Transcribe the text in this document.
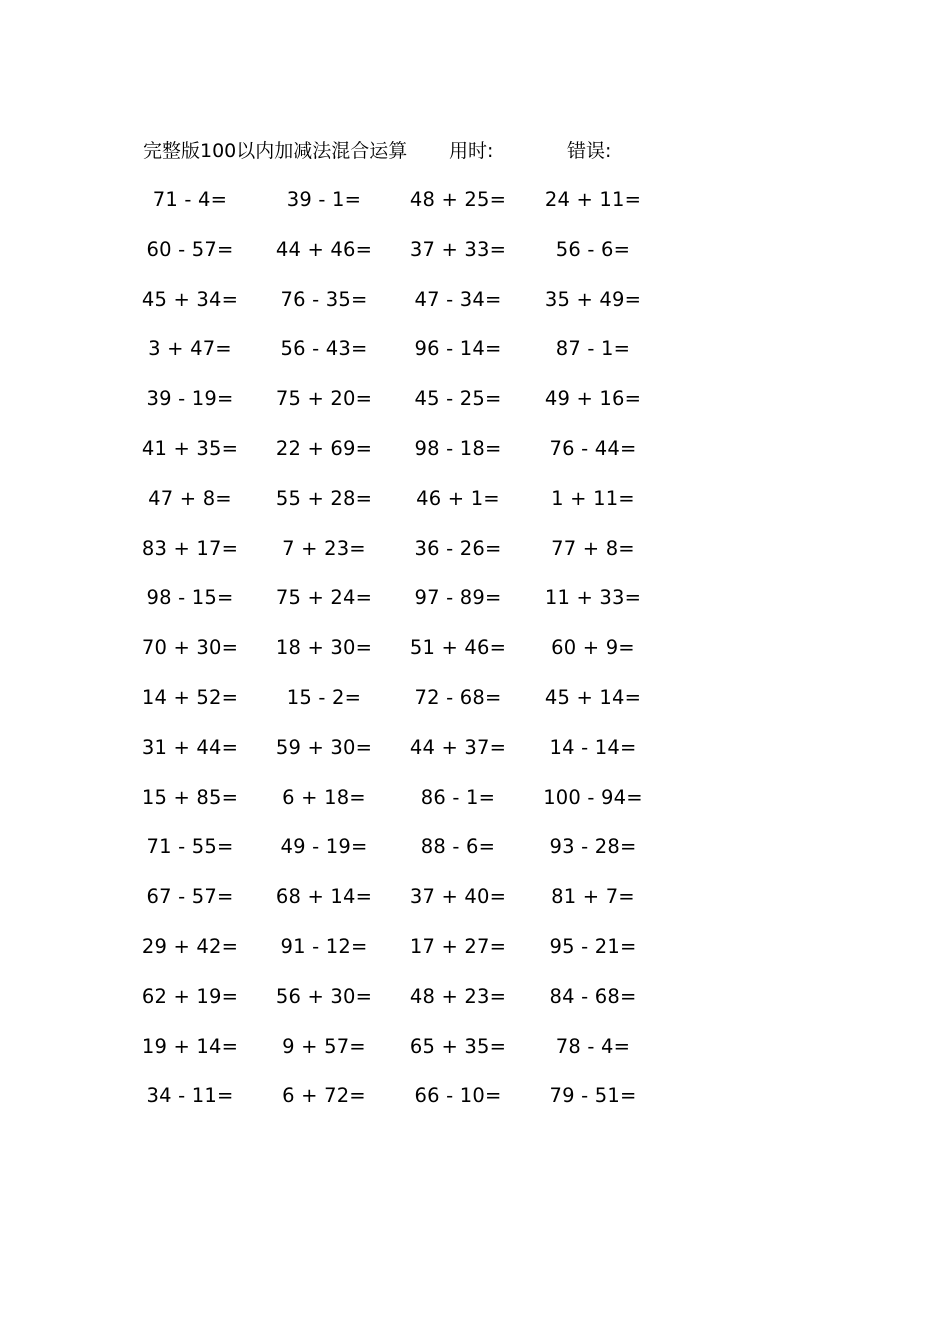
完整版100以内加减法混合运算 用时:	错误:
71 - 4=	39 - 1=	48 + 25=	24 + 11=
60 - 57=	44 + 46=	37 + 33=	56 - 6=
45 + 34=	76 - 35=	47 - 34=	35 + 49=
3 + 47=	56 - 43=	96 - 14=	87 - 1=
39 - 19=	75 + 20=	45 - 25=	49 + 16=
41 + 35=	22 + 69=	98 - 18=	76 - 44=
47 + 8=	55 + 28=	46 + 1=	1 + 11=
83 + 17=	7 + 23=	36 - 26=	77 + 8=
98 - 15=	75 + 24=	97 - 89=	11 + 33=
70 + 30=	18 + 30=	51 + 46=	60 + 9=
14 + 52=	15 - 2=	72 - 68=	45 + 14=
31 + 44=	59 + 30=	44 + 37=	14 - 14=
15 + 85=	6 + 18=	86 - 1=	100 - 94=
71 - 55=	49 - 19=	88 - 6=	93 - 28=
67 - 57=	68 + 14=	37 + 40=	81 + 7=
29 + 42=	91 - 12=	17 + 27=	95 - 21=
62 + 19=	56 + 30=	48 + 23=	84 - 68=
19 + 14=	9 + 57=	65 + 35=	78 - 4=
34 - 11=	6 + 72=	66 - 10=	79 - 51=
